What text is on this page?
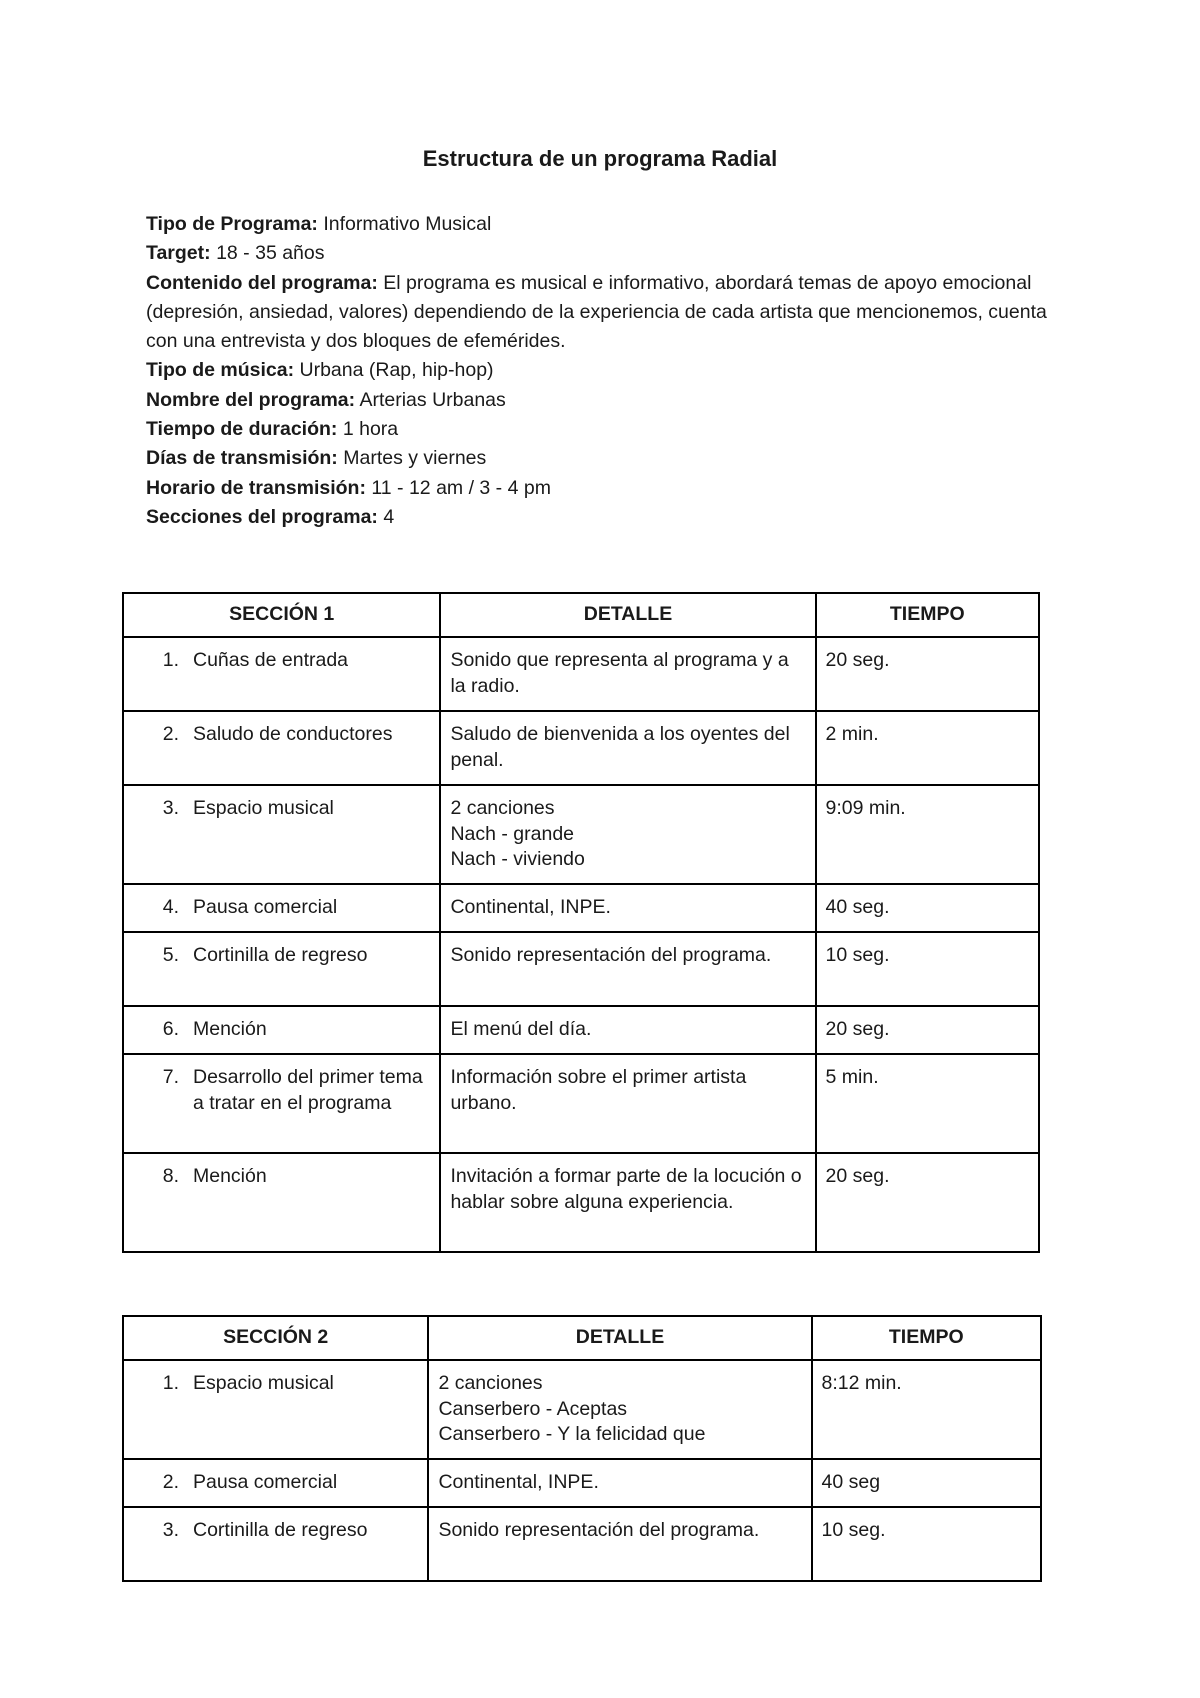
Estructura de un programa Radial
Tipo de Programa: Informativo Musical
Target: 18 - 35 años
Contenido del programa: El programa es musical e informativo, abordará temas de apoyo emocional (depresión, ansiedad, valores) dependiendo de la experiencia de cada artista que mencionemos, cuenta con una entrevista y dos bloques de efemérides.
Tipo de música: Urbana (Rap, hip-hop)
Nombre del programa: Arterias Urbanas
Tiempo de duración: 1 hora
Días de transmisión: Martes y viernes
Horario de transmisión: 11 - 12 am / 3 - 4 pm
Secciones del programa: 4
SECCIÓN 1	DETALLE	TIEMPO

1. Cuñas de entrada	Sonido que representa al programa y a la radio.	20 seg.

2. Saludo de conductores	Saludo de bienvenida a los oyentes del penal.	2 min.

3. Espacio musical	2 canciones
Nach - grande
Nach - viviendo	9:09 min.

4. Pausa comercial	Continental, INPE.	40 seg.

5. Cortinilla de regreso	Sonido representación del programa.	10 seg.

6. Mención	El menú del día.	20 seg.

7. Desarrollo del primer tema a tratar en el programa	Información sobre el primer artista urbano.	5 min.

8. Mención	Invitación a formar parte de la locución o hablar sobre alguna experiencia.	20 seg.
SECCIÓN 2	DETALLE	TIEMPO

1. Espacio musical	2 canciones
Canserbero - Aceptas
Canserbero - Y la felicidad que	8:12 min.

2. Pausa comercial	Continental, INPE.	40 seg

3. Cortinilla de regreso	Sonido representación del programa.	10 seg.
